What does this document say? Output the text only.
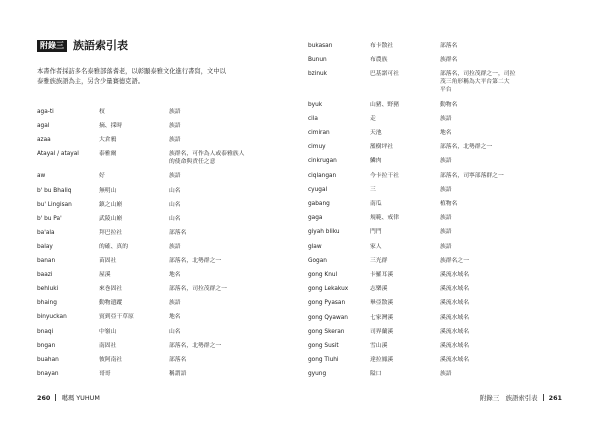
附錄三 族語索引表
本書作者採訪多名泰雅部落耆老，以彰顯泰雅文化進行書寫，文中以
泰雅族族語為主，另含少量賽德克語。
aga-ti	杈	族語
agal	摘、採時	族語
azaa	大倉鴉	族語
Atayal / atayal	泰雅爾	族群名，可作為人或泰雅族人
的使命與責任之意
aw	好	族語
b' bu Bhaliq	無明山	山名
bu' Lingisan	鎮之山巔	山名
b' bu Pa'	武陵山巔	山名
ba'ala	拜巴拉社	部落名
balay	的確、真的	族語
banan	苗固社	部落名，北勢群之一
baazi	屋溪	地名
behluki	來巻固社	部落名，司拉茂群之一
bhaing	動物遺蹤	族語
binyuckan	賓到亞干草原	地名
bnaqi	中嶺山	山名
bngan	南固社	部落名，北勢群之一
buahan	彼阿南社	部落名
bnayan	哥哥	稱謂語
260 噶瑪 YUHUM
bukasan	布卡散社	部落名
Bunun	布農族	族群名
bzinuk	巴基諾可社	部落名，司拉茂群之一，司拉
茂三角形稱為大平台第二大
平台
byuk	山豬、野豬	動物名
cila	走	族語
cimiran	天池	地名
cimuy	濫樹坪社	部落名，北勢群之一
cinkrugan	鱗肉	族語
ciqlangan	今卡拉干社	部落名，司寧部落群之一
cyugal	三	族語
gabang	南瓜	植物名
gaga	規範、戒律	族語
giyah bliku	門門	族語
glaw	家人	族語
Gogan	三光群	族群名之一
gong Knul	卡羅耳溪	溪流水域名
gong Lekakux	志樂溪	溪流水域名
gong Pyasan	畢亞散溪	溪流水域名
gong Qyawan	七家灣溪	溪流水域名
gong Skeran	司界蘭溪	溪流水域名
gong Susit	雪山溪	溪流水域名
gong Tluhi	達拉鳳溪	溪流水域名
gyung	隘口	族語
附錄三　族語索引表 261
